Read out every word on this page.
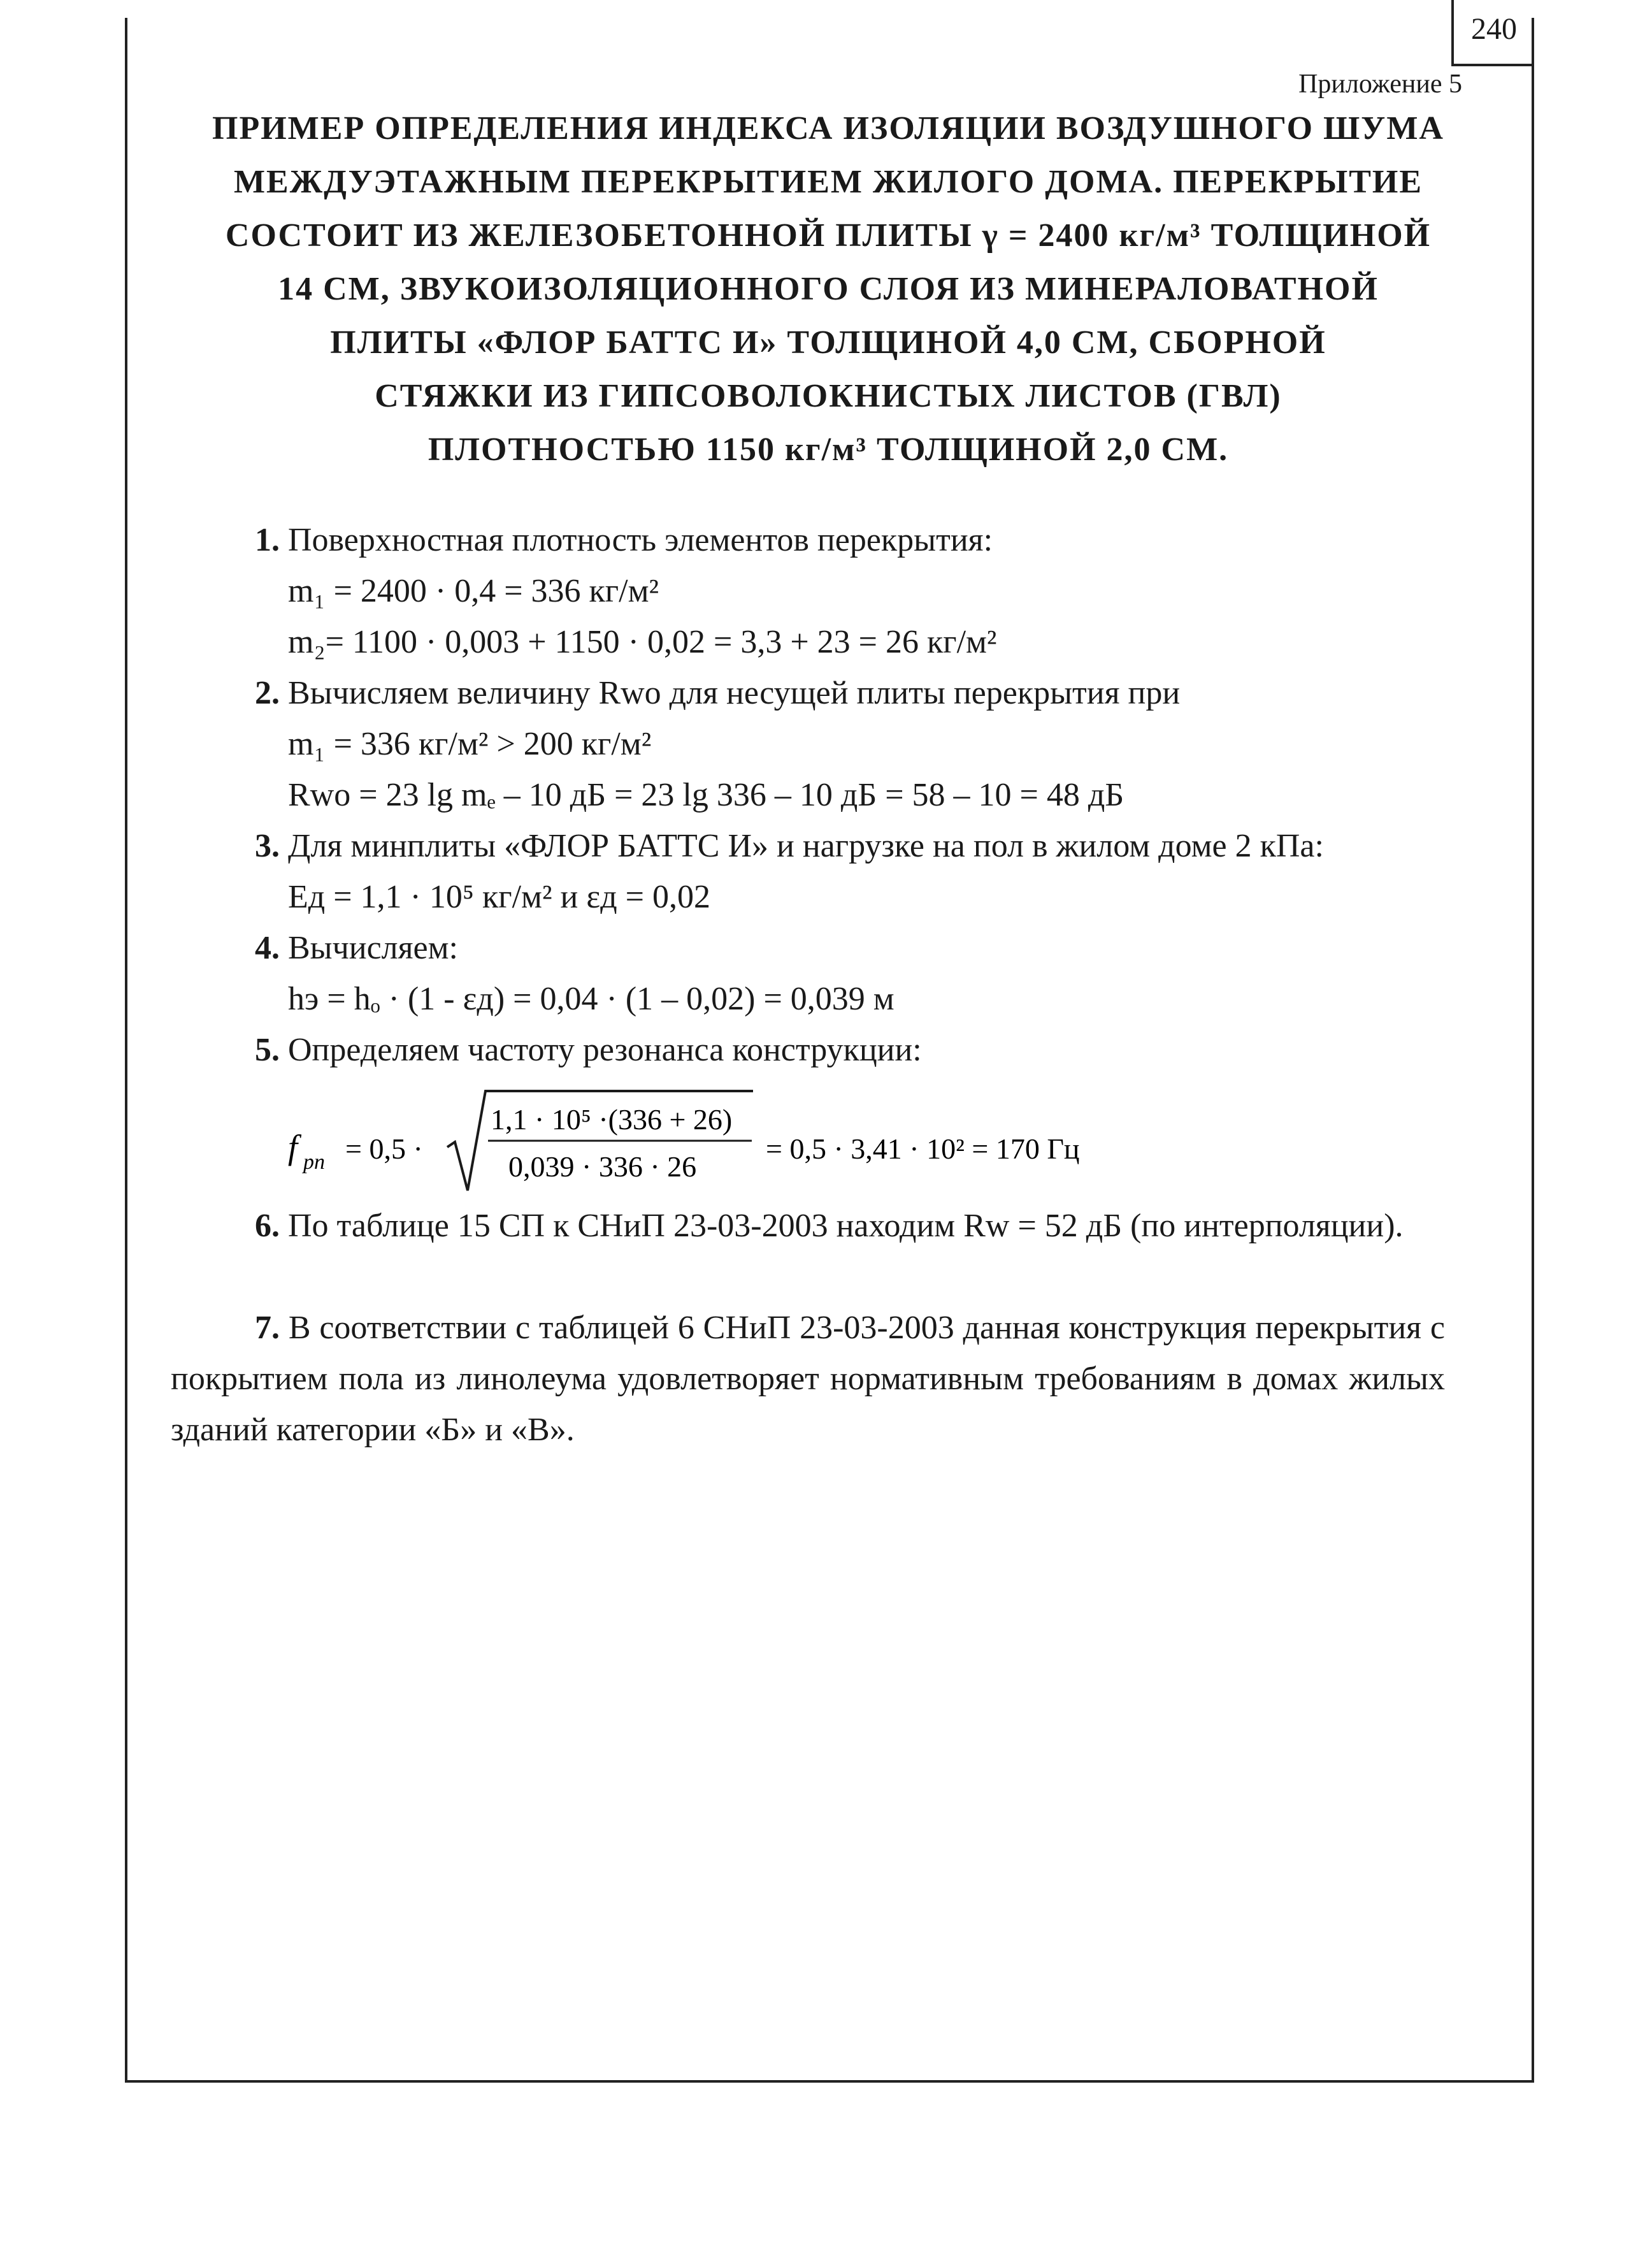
240
Приложение 5
ПРИМЕР ОПРЕДЕЛЕНИЯ ИНДЕКСА ИЗОЛЯЦИИ ВОЗДУШНОГО ШУМА
МЕЖДУЭТАЖНЫМ ПЕРЕКРЫТИЕМ ЖИЛОГО ДОМА. ПЕРЕКРЫТИЕ
СОСТОИТ ИЗ ЖЕЛЕЗОБЕТОННОЙ ПЛИТЫ γ = 2400 кг/м³ ТОЛЩИНОЙ
14 СМ, ЗВУКОИЗОЛЯЦИОННОГО СЛОЯ ИЗ МИНЕРАЛОВАТНОЙ
ПЛИТЫ «ФЛОР БАТТС И» ТОЛЩИНОЙ 4,0 СМ, СБОРНОЙ
СТЯЖКИ ИЗ ГИПСОВОЛОКНИСТЫХ ЛИСТОВ (ГВЛ)
ПЛОТНОСТЬЮ 1150 кг/м³ ТОЛЩИНОЙ 2,0 СМ.
1. Поверхностная плотность элементов перекрытия:
m₁ = 2400 · 0,4 = 336 кг/м²
m₂= 1100 · 0,003 + 1150 · 0,02 = 3,3 + 23 = 26 кг/м²
2. Вычисляем величину Rᴡᴏ для несущей плиты перекрытия при
m₁ = 336 кг/м² > 200 кг/м²
Rᴡᴏ = 23 lg mₑ – 10 дБ = 23 lg 336 – 10 дБ = 58 – 10 = 48 дБ
3. Для минплиты «ФЛОР БАТТС И» и нагрузке на пол в жилом доме 2 кПа:
Eд = 1,1 · 10⁵ кг/м² и εд = 0,02
4. Вычисляем:
hэ = hₒ · (1 - εд) = 0,04 · (1 – 0,02) = 0,039 м
5. Определяем частоту резонанса конструкции:
f рп = 0,5 ·
1,1 · 10⁵ ·(336 + 26)
0,039 · 336 · 26
= 0,5 · 3,41 · 10² = 170 Гц
6. По таблице 15 СП к СНиП 23-03-2003 находим Rᴡ = 52 дБ (по интерполяции).
7. В соответствии с таблицей 6 СНиП 23-03-2003 данная конструкция перекрытия с покрытием пола из линолеума удовлетворяет нормативным требованиям в домах жилых зданий категории «Б» и «В».
